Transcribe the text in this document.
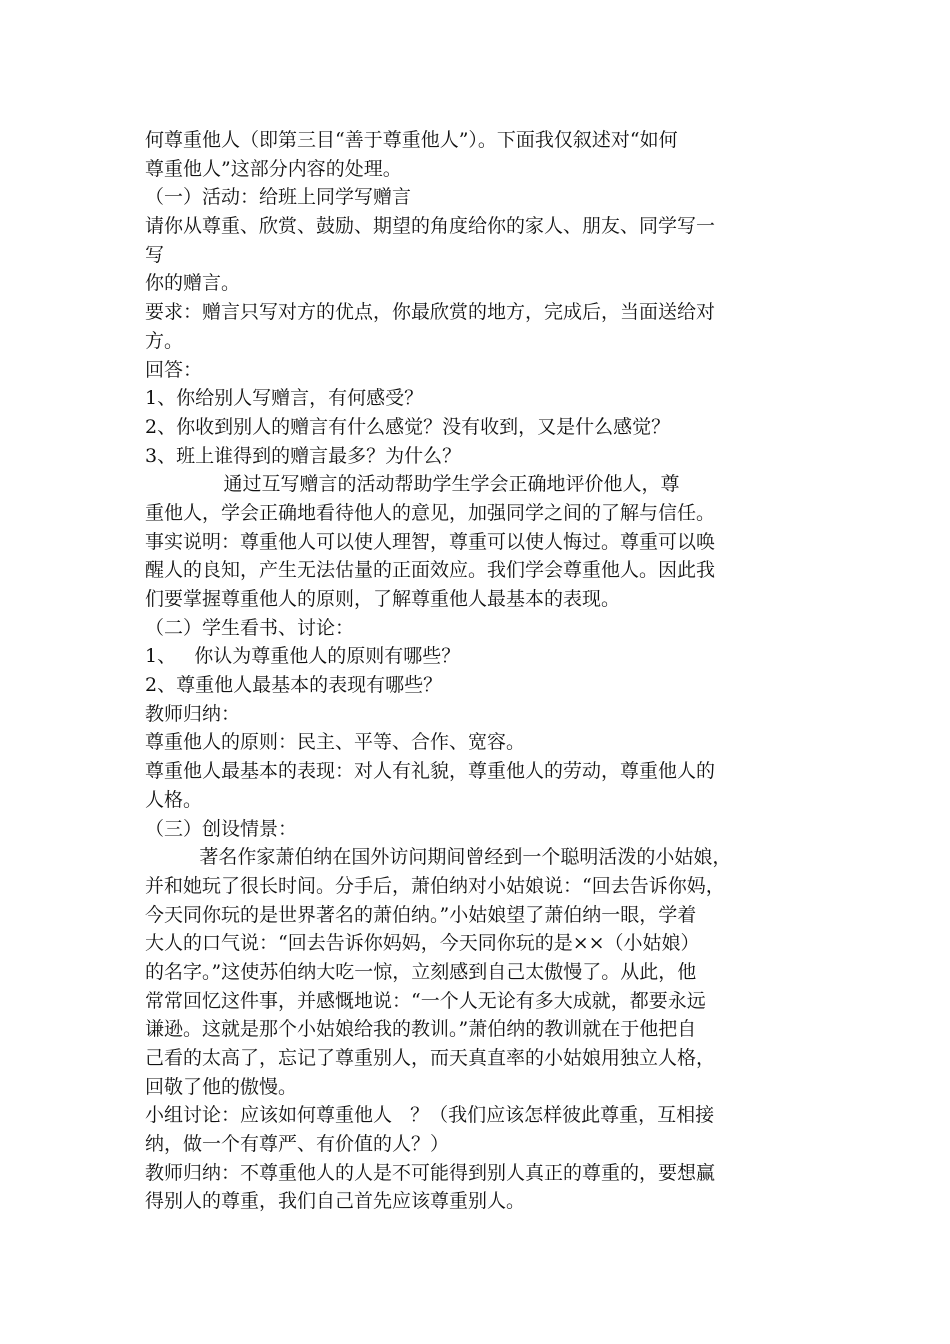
何尊重他人（即第三目“善于尊重他人”）。下面我仅叙述对“如何
尊重他人”这部分内容的处理。
（一）活动：给班上同学写赠言
请你从尊重、欣赏、鼓励、期望的角度给你的家人、朋友、同学写一
写
你的赠言。
要求：赠言只写对方的优点，你最欣赏的地方，完成后，当面送给对
方。
回答：
1、你给别人写赠言，有何感受？
2、你收到别人的赠言有什么感觉？没有收到，又是什么感觉？
3、班上谁得到的赠言最多？为什么？
通过互写赠言的活动帮助学生学会正确地评价他人，尊
重他人，学会正确地看待他人的意见，加强同学之间的了解与信任。
事实说明：尊重他人可以使人理智，尊重可以使人悔过。尊重可以唤
醒人的良知，产生无法估量的正面效应。我们学会尊重他人。因此我
们要掌握尊重他人的原则，了解尊重他人最基本的表现。
（二）学生看书、讨论：
1、   你认为尊重他人的原则有哪些？
2、尊重他人最基本的表现有哪些？
教师归纳：
尊重他人的原则：民主、平等、合作、宽容。
尊重他人最基本的表现：对人有礼貌，尊重他人的劳动，尊重他人的
人格。
（三）创设情景：
著名作家萧伯纳在国外访问期间曾经到一个聪明活泼的小姑娘，
并和她玩了很长时间。分手后，萧伯纳对小姑娘说：“回去告诉你妈，
今天同你玩的是世界著名的萧伯纳。”小姑娘望了萧伯纳一眼，学着
大人的口气说：“回去告诉你妈妈，今天同你玩的是××（小姑娘）
的名字。”这使苏伯纳大吃一惊，立刻感到自己太傲慢了。从此，他
常常回忆这件事，并感慨地说：“一个人无论有多大成就，都要永远
谦逊。这就是那个小姑娘给我的教训。”萧伯纳的教训就在于他把自
己看的太高了，忘记了尊重别人，而天真直率的小姑娘用独立人格，
回敬了他的傲慢。
小组讨论：应该如何尊重他人   ？（我们应该怎样彼此尊重，互相接
纳，做一个有尊严、有价值的人？）
教师归纳：不尊重他人的人是不可能得到别人真正的尊重的，要想赢
得别人的尊重，我们自己首先应该尊重别人。
